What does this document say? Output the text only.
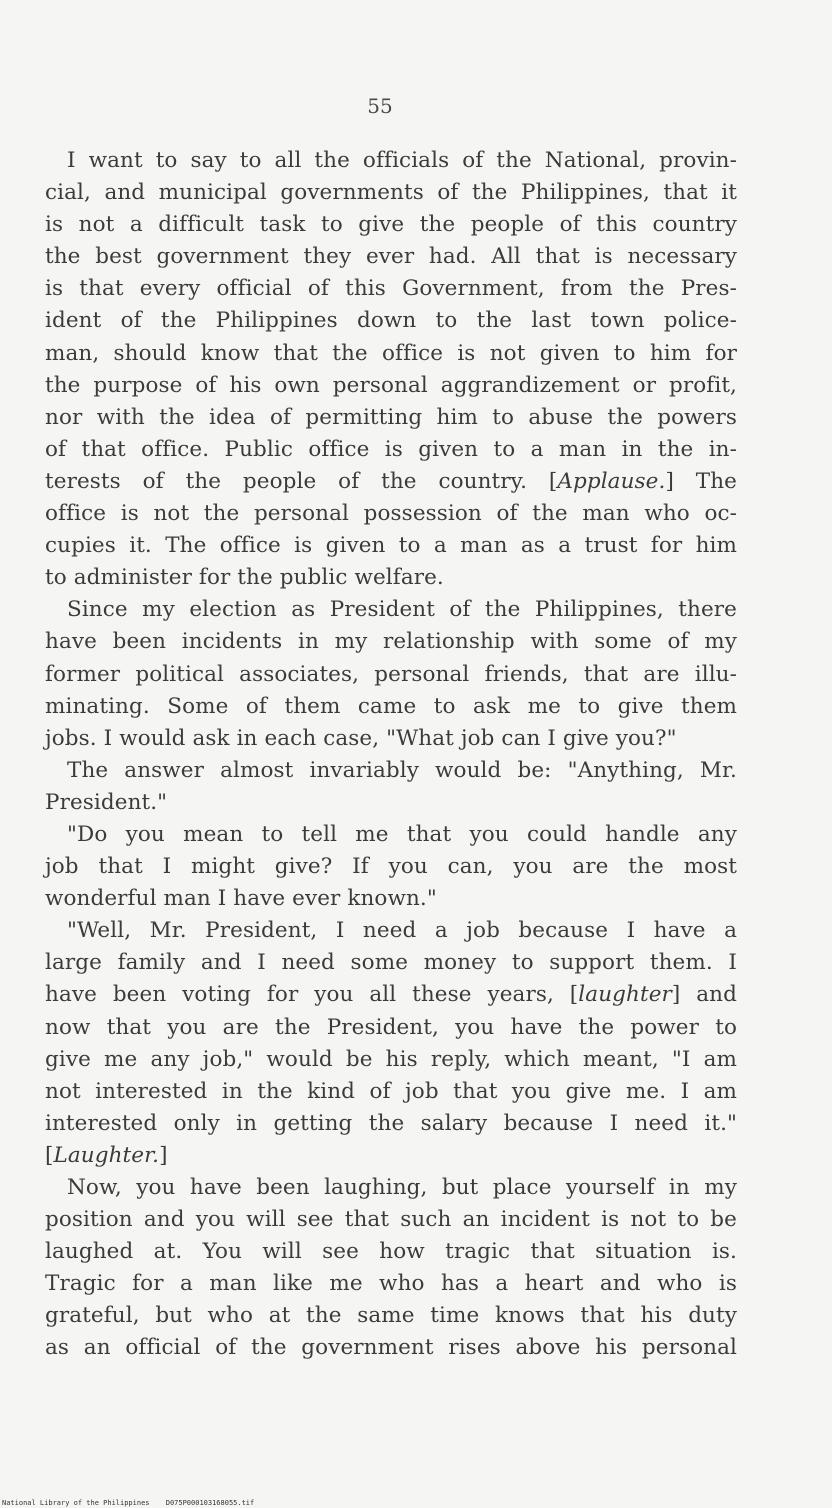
55
I want to say to all the officials of the National, provin-
cial, and municipal governments of the Philippines, that it
is not a difficult task to give the people of this country
the best government they ever had. All that is necessary
is that every official of this Government, from the Pres-
ident of the Philippines down to the last town police-
man, should know that the office is not given to him for
the purpose of his own personal aggrandizement or profit,
nor with the idea of permitting him to abuse the powers
of that office. Public office is given to a man in the in-
terests of the people of the country. [Applause.] The
office is not the personal possession of the man who oc-
cupies it. The office is given to a man as a trust for him
to administer for the public welfare.
Since my election as President of the Philippines, there
have been incidents in my relationship with some of my
former political associates, personal friends, that are illu-
minating. Some of them came to ask me to give them
jobs. I would ask in each case, "What job can I give you?"
The answer almost invariably would be: "Anything, Mr.
President."
"Do you mean to tell me that you could handle any
job that I might give? If you can, you are the most
wonderful man I have ever known."
"Well, Mr. President, I need a job because I have a
large family and I need some money to support them. I
have been voting for you all these years, [laughter] and
now that you are the President, you have the power to
give me any job," would be his reply, which meant, "I am
not interested in the kind of job that you give me. I am
interested only in getting the salary because I need it."
[Laughter.]
Now, you have been laughing, but place yourself in my
position and you will see that such an incident is not to be
laughed at. You will see how tragic that situation is.
Tragic for a man like me who has a heart and who is
grateful, but who at the same time knows that his duty
as an official of the government rises above his personal
National Library of the Philippines D075P000103168055.tif
